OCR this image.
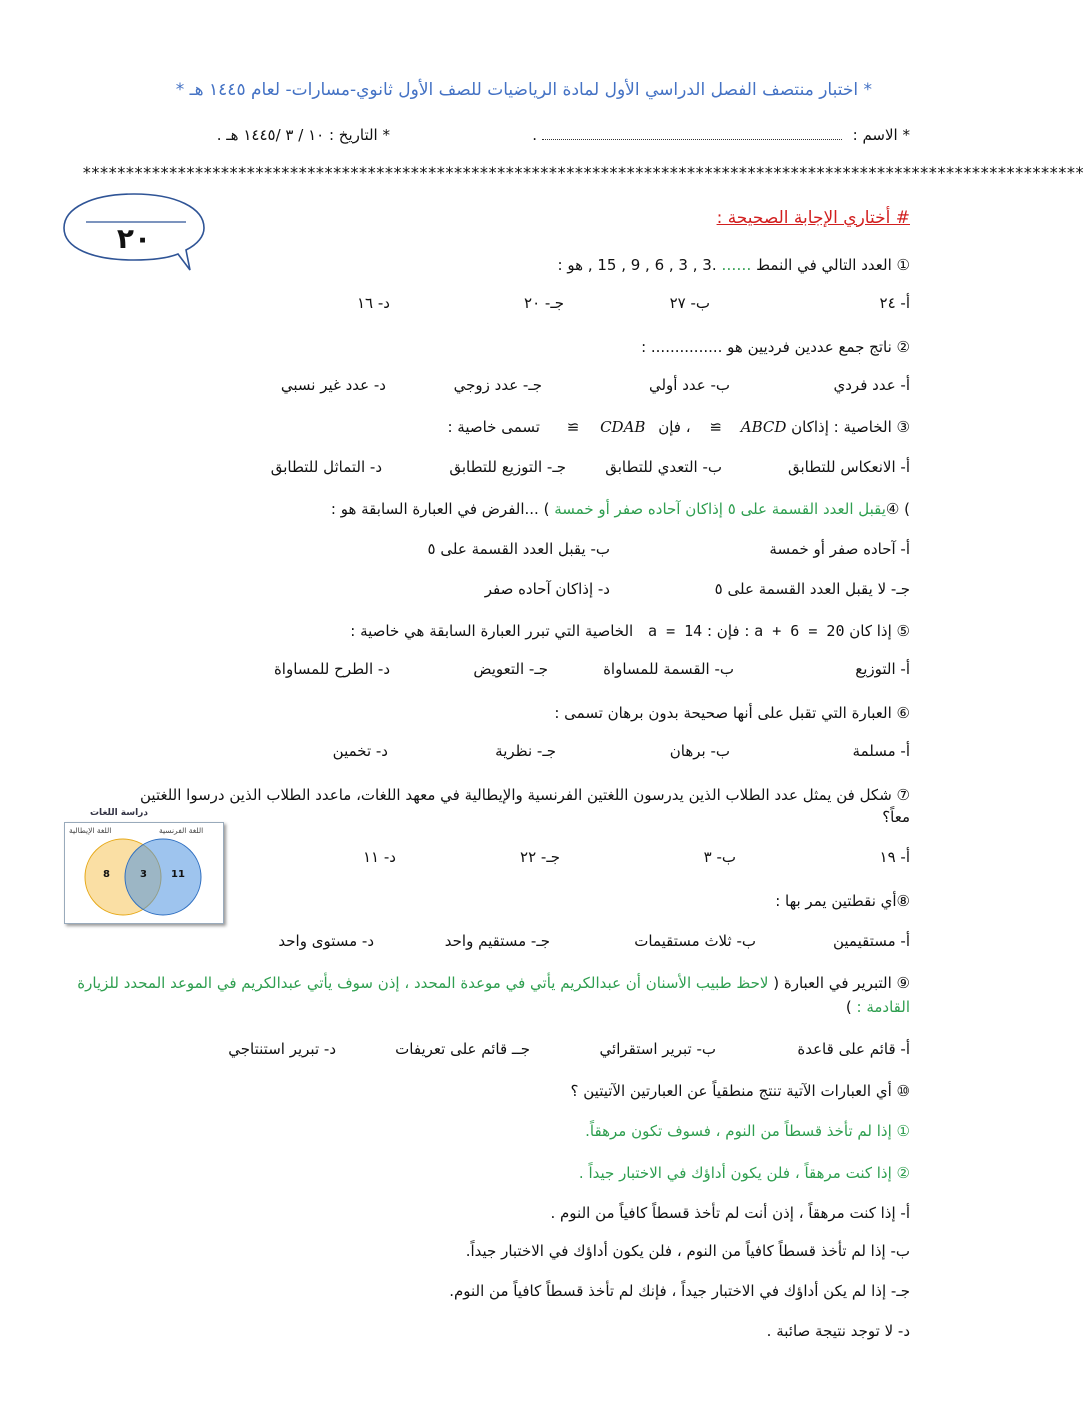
* اختبار منتصف الفصل الدراسي الأول لمادة الرياضيات للصف الأول ثانوي-مسارات- لعام ١٤٤٥ هـ *
* الاسم :  .
* التاريخ : ١٠ / ٣ /١٤٤٥ هـ .
********************************************************************************************************************
٢٠
# أختاري الإجابة الصحيحة :
① العدد التالي في النمط …… , 15 , 9 , 6 , 3 , 3. هو :
أ- ٢٤
ب- ٢٧
جـ- ٢٠
د- ١٦
② ناتج جمع عددين فرديين هو ............... :
أ- عدد فردي
ب- عدد أولي
جـ- عدد زوجي
د- عدد غير نسبي
③ الخاصية : إذاكان ABCD ≅ ، فإن CDAB ≅ تسمى خاصية :
أ- الانعكاس للتطابق
ب- التعدي للتطابق
جـ- التوزيع للتطابق
د- التماثل للتطابق
) ④يقبل العدد القسمة على ٥ إذاكان آحاده صفر أو خمسة ) ...الفرض في العبارة السابقة هو :
أ- آحاده صفر أو خمسة
ب- يقبل العدد القسمة على ٥
جـ- لا يقبل العدد القسمة على ٥
د- إذاكان آحاده صفر
⑤ إذا كان a + 6 = 20 : فإن : a = 14 الخاصية التي تبرر العبارة السابقة هي خاصية :
أ- التوزيع
ب- القسمة للمساواة
جـ- التعويض
د- الطرح للمساواة
⑥ العبارة التي تقبل على أنها صحيحة بدون برهان تسمى :
أ- مسلمة
ب- برهان
جـ- نظرية
د- تخمين
⑦ شكل فن يمثل عدد الطلاب الذين يدرسون اللغتين الفرنسية والإيطالية في معهد اللغات، ماعدد الطلاب الذين درسوا اللغتين
معاً؟
أ- ١٩
ب- ٣
جـ- ٢٢
د- ١١
دراسة اللغات
اللغة الإيطالية	اللغة الفرنسية
8	3 11
⑧أي نقطتين يمر بها :
أ- مستقيمين
ب- ثلاث مستقيمات
جـ- مستقيم واحد
د- مستوى واحد
⑨ التبرير في العبارة ( لاحظ طبيب الأسنان أن عبدالكريم يأتي في موعدة المحدد ، إذن سوف يأتي عبدالكريم في الموعد المحدد للزيارة
القادمة : )
أ- قائم على قاعدة
ب- تبرير استقرائي
جــ قائم على تعريفات
د- تبرير استنتاجي
⑩ أي العبارات الآتية تنتج منطقياً عن العبارتين الآتيتين ؟
① إذا لم تأخذ قسطاً من النوم ، فسوف تكون مرهقاً.
② إذا كنت مرهقاً ، فلن يكون أداؤك في الاختبار جيداً .
أ- إذا كنت مرهقاً ، إذن أنت لم تأخذ قسطاً كافياً من النوم .
ب- إذا لم تأخذ قسطاً كافياً من النوم ، فلن يكون أداؤك في الاختبار جيداً.
جـ- إذا لم يكن أداؤك في الاختبار جيداً ، فإنك لم تأخذ قسطاً كافياً من النوم.
د- لا توجد نتيجة صائبة .
